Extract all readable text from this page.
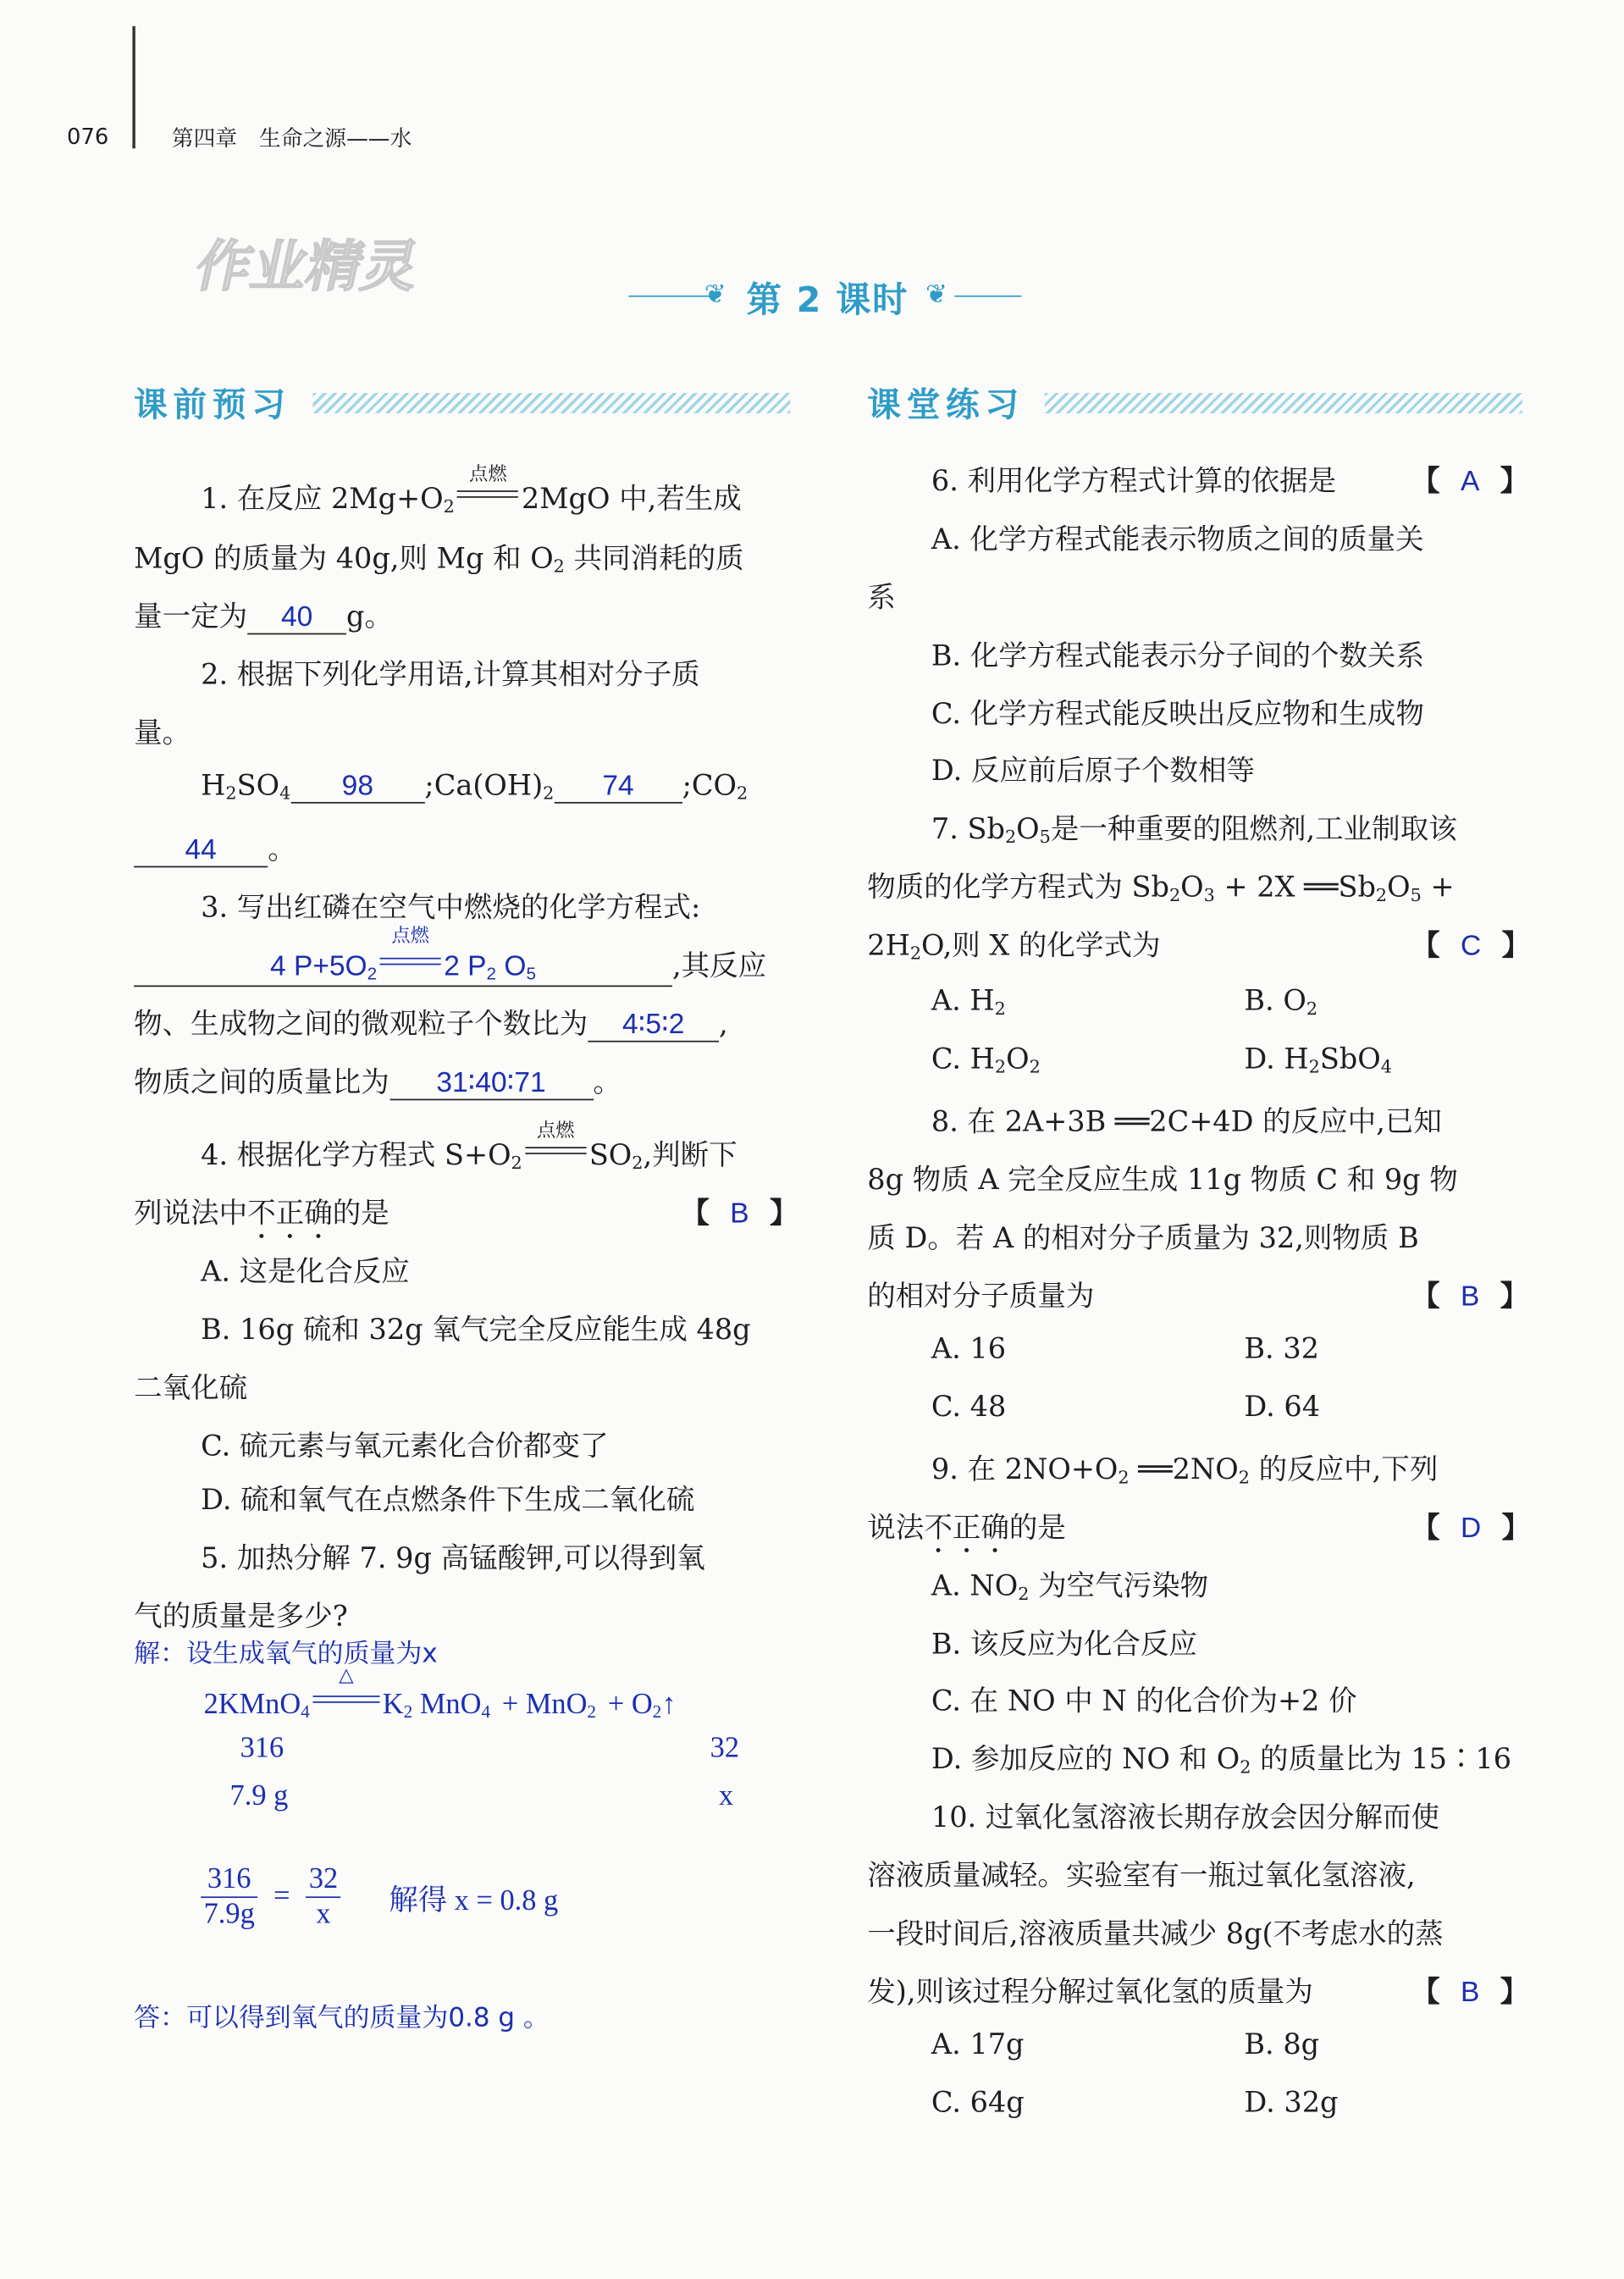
076	第四章　生命之源——水
作业精灵	❦ 第 2 课时 ❦
课前预习	课堂练习
1. 在反应 $2Mg+O_2$
点燃
2MgO 中,若生成
MgO 的质量为 40g,则 Mg 和 $O_2$ 共同消耗的质
量一定为 40 g。
2. 根据下列化学用语,计算其相对分子质
量。
$H_2SO_4$	98	$;Ca(OH)_2$	74	$;CO_2$
44	。
3. 写出红磷在空气中燃烧的化学方程式:
4 $P+5O_2$
点燃
2 $P_2$ $O_5$	,其反应
物、生成物之间的微观粒子个数比为 4∶5∶2 ,
物质之间的质量比为	31∶40∶71	。
4. 根据化学方程式 $S+O_2$
点燃
$SO_2$,判断下
列说法中不正确的是	【 B 】
A. 这是化合反应
B. 16g 硫和 32g 氧气完全反应能生成 48g
二氧化硫
C. 硫元素与氧元素化合价都变了
D. 硫和氧气在点燃条件下生成二氧化硫
5. 加热分解 7. 9g 高锰酸钾,可以得到氧
气的质量是多少?
解：设生成氧气的质量为x
2KMnO$_4$
△
$K_2$ $MnO_4 + MnO_2 + O_2↑$
316	32
7.9 g	x
$\frac{316}{7.9g} = \frac{32}{x}$	解得 x = 0.8 g
答：可以得到氧气的质量为0.8 g 。
6. 利用化学方程式计算的依据是	【 A 】
A. 化学方程式能表示物质之间的质量关
系
B. 化学方程式能表示分子间的个数关系
C. 化学方程式能反映出反应物和生成物
D. 反应前后原子个数相等
7. $Sb_2O_5$是一种重要的阻燃剂,工业制取该
物质的化学方程式为 $Sb_2O_3 + 2X$ $══Sb_2O_5$ +
$2H_2O$,则 X 的化学式为	【 C 】
A. $H_2$	B. $O_2$
C. $H_2O_2$	D. $H_2SbO_4$
8. 在 2A+3B ══2C+4D 的反应中,已知
8g 物质 A 完全反应生成 11g 物质 C 和 9g 物
质 D。若 A 的相对分子质量为 32,则物质 B
的相对分子质量为	【 B 】
A. 16	B. 32
C. 48	D. 64
9. 在 $2NO+O_2$ $══2NO_2$ 的反应中,下列
说法不正确的是	【 D 】
A. $NO_2$ 为空气污染物
B. 该反应为化合反应
C. 在 NO 中 N 的化合价为+2 价
D. 参加反应的 NO 和 $O_2$ 的质量比为 15∶16
10. 过氧化氢溶液长期存放会因分解而使
溶液质量减轻。实验室有一瓶过氧化氢溶液,
一段时间后,溶液质量共减少 8g(不考虑水的蒸
发),则该过程分解过氧化氢的质量为	【 B 】
A. 17g	B. 8g
C. 64g	D. 32g
